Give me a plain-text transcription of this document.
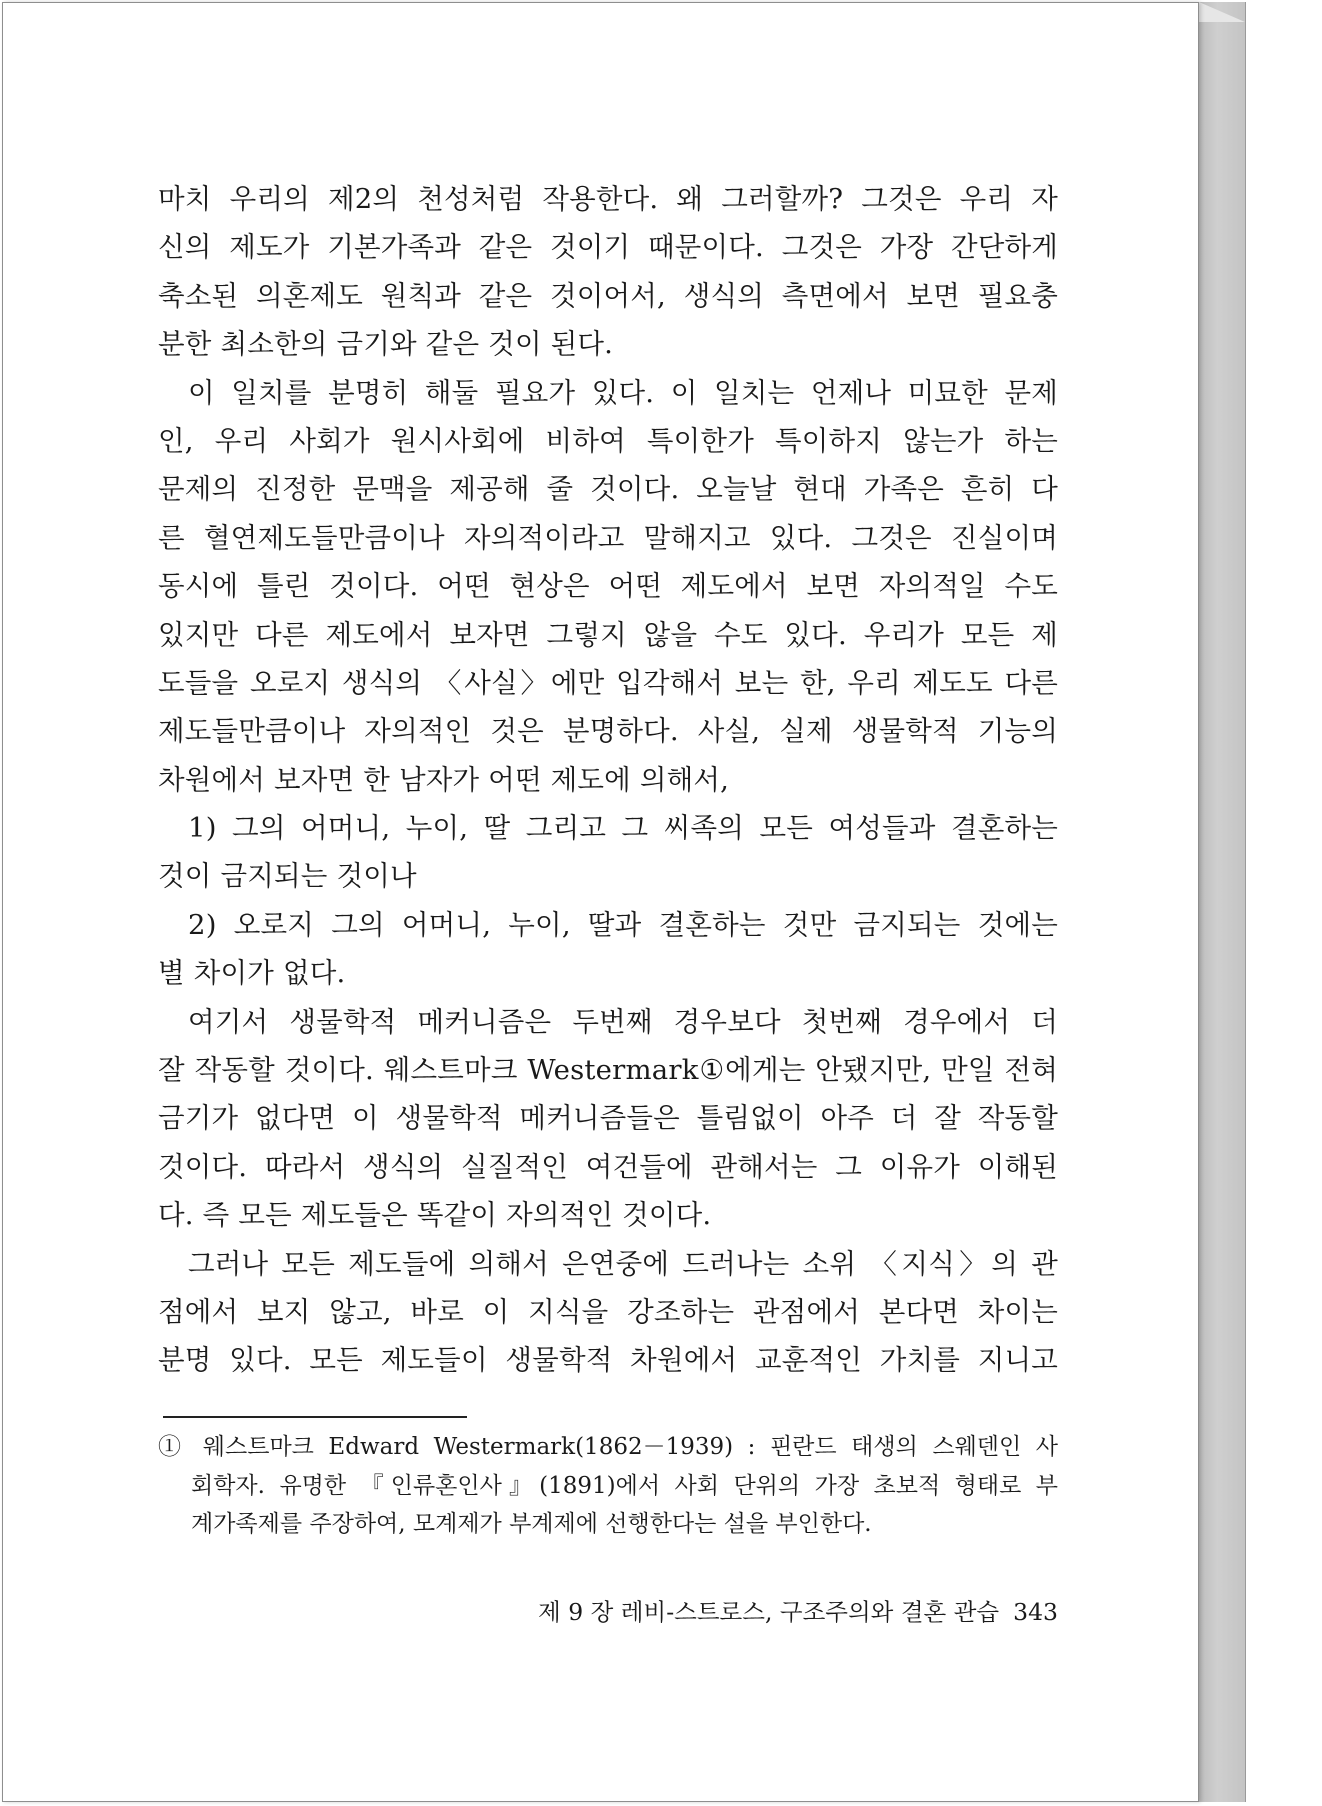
마치 우리의 제2의 천성처럼 작용한다. 왜 그러할까? 그것은 우리 자
신의 제도가 기본가족과 같은 것이기 때문이다. 그것은 가장 간단하게
축소된 의혼제도 원칙과 같은 것이어서, 생식의 측면에서 보면 필요충
분한 최소한의 금기와 같은 것이 된다.
이 일치를 분명히 해둘 필요가 있다. 이 일치는 언제나 미묘한 문제
인, 우리 사회가 원시사회에 비하여 특이한가 특이하지 않는가 하는
문제의 진정한 문맥을 제공해 줄 것이다. 오늘날 현대 가족은 흔히 다
른 혈연제도들만큼이나 자의적이라고 말해지고 있다. 그것은 진실이며
동시에 틀린 것이다. 어떤 현상은 어떤 제도에서 보면 자의적일 수도
있지만 다른 제도에서 보자면 그렇지 않을 수도 있다. 우리가 모든 제
도들을 오로지 생식의 〈사실〉에만 입각해서 보는 한, 우리 제도도 다른
제도들만큼이나 자의적인 것은 분명하다. 사실, 실제 생물학적 기능의
차원에서 보자면 한 남자가 어떤 제도에 의해서,
1) 그의 어머니, 누이, 딸 그리고 그 씨족의 모든 여성들과 결혼하는
것이 금지되는 것이나
2) 오로지 그의 어머니, 누이, 딸과 결혼하는 것만 금지되는 것에는
별 차이가 없다.
여기서 생물학적 메커니즘은 두번째 경우보다 첫번째 경우에서 더
잘 작동할 것이다. 웨스트마크 Westermark①에게는 안됐지만, 만일 전혀
금기가 없다면 이 생물학적 메커니즘들은 틀림없이 아주 더 잘 작동할
것이다. 따라서 생식의 실질적인 여건들에 관해서는 그 이유가 이해된
다. 즉 모든 제도들은 똑같이 자의적인 것이다.
그러나 모든 제도들에 의해서 은연중에 드러나는 소위 〈지식〉의 관
점에서 보지 않고, 바로 이 지식을 강조하는 관점에서 본다면 차이는
분명 있다. 모든 제도들이 생물학적 차원에서 교훈적인 가치를 지니고
① 웨스트마크 Edward Westermark(1862－1939) : 핀란드 태생의 스웨덴인 사
회학자. 유명한 『인류혼인사』(1891)에서 사회 단위의 가장 초보적 형태로 부
계가족제를 주장하여, 모계제가 부계제에 선행한다는 설을 부인한다.
제 9 장 레비-스트로스, 구조주의와 결혼 관습 343
